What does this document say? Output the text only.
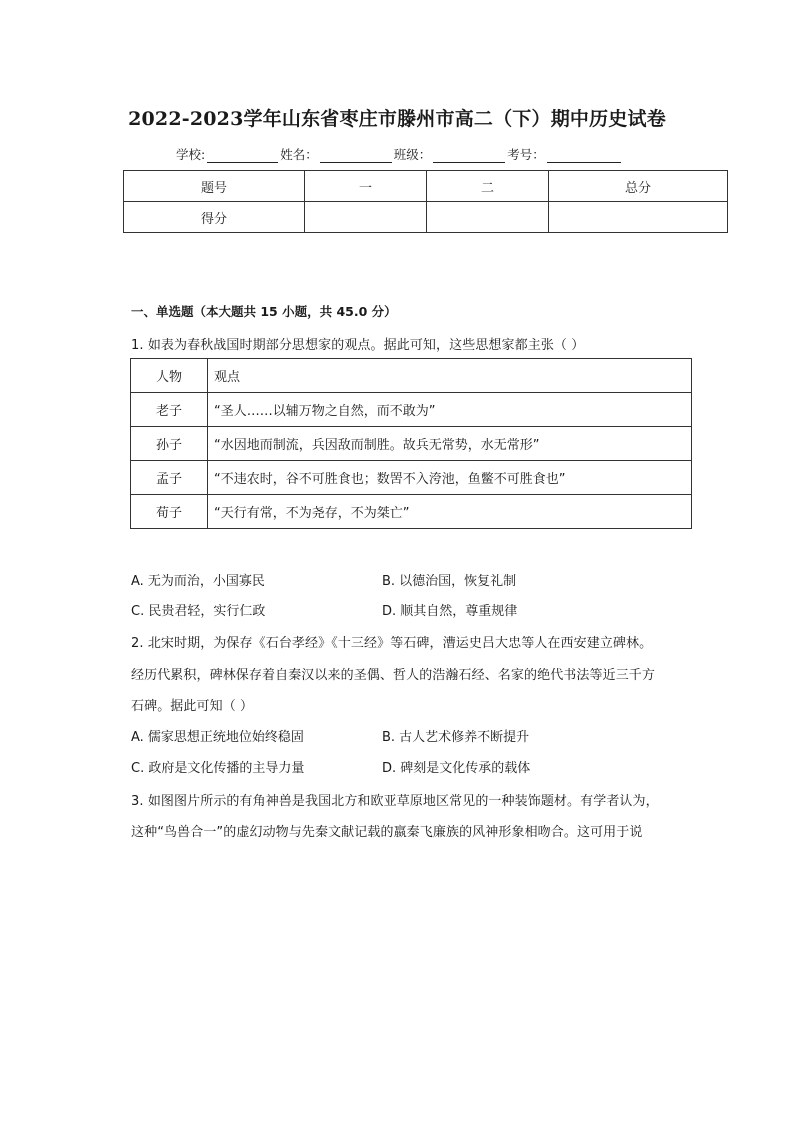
2022-2023学年山东省枣庄市滕州市高二（下）期中历史试卷
学校:	姓名：	班级：	考号：
题号	一	二	总分
得分			
一、单选题（本大题共 15 小题，共 45.0 分）
1. 如表为春秋战国时期部分思想家的观点。据此可知，这些思想家都主张（ ）
人物	观点
老子	“圣人……以辅万物之自然，而不敢为”
孙子	“水因地而制流，兵因敌而制胜。故兵无常势，水无常形”
孟子	“不违农时，谷不可胜食也；数罟不入洿池，鱼鳖不可胜食也”
荀子	“天行有常，不为尧存，不为桀亡”
A. 无为而治，小国寡民	B. 以德治国，恢复礼制
C. 民贵君轻，实行仁政	D. 顺其自然，尊重规律
2. 北宋时期，为保存《石台孝经》《十三经》等石碑，漕运史吕大忠等人在西安建立碑林。
经历代累积，碑林保存着自秦汉以来的圣偶、哲人的浩瀚石经、名家的绝代书法等近三千方
石碑。据此可知（ ）
A. 儒家思想正统地位始终稳固	B. 古人艺术修养不断提升
C. 政府是文化传播的主导力量	D. 碑刻是文化传承的载体
3. 如图图片所示的有角神兽是我国北方和欧亚草原地区常见的一种装饰题材。有学者认为，
这种“鸟兽合一”的虚幻动物与先秦文献记载的嬴秦飞廉族的风神形象相吻合。这可用于说
